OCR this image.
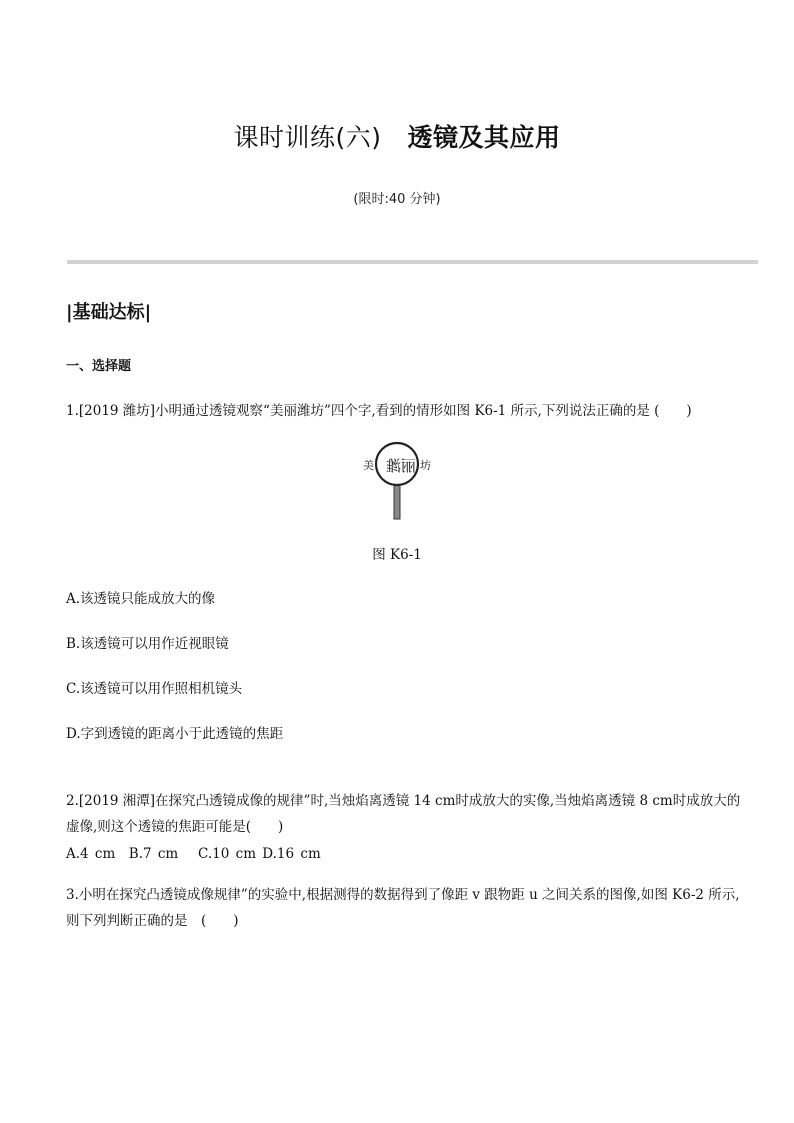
课时训练(六) 透镜及其应用
(限时:40 分钟)
|基础达标|
一、选择题
1.[2019 潍坊]小明通过透镜观察“美丽潍坊”四个字,看到的情形如图 K6-1 所示,下列说法正确的是 (　　)
美 丽潍 坊
图 K6-1
A.该透镜只能成放大的像
B.该透镜可以用作近视眼镜
C.该透镜可以用作照相机镜头
D.字到透镜的距离小于此透镜的焦距
2.[2019 湘潭]在探究凸透镜成像的规律”时,当烛焰离透镜 14 cm时成放大的实像,当烛焰离透镜 8 cm时成放大的虚像,则这个透镜的焦距可能是(　　)
A.4 cm　B.7 cm　 C.10 cm D.16 cm
3.小明在探究凸透镜成像规律”的实验中,根据测得的数据得到了像距 v 跟物距 u 之间关系的图像,如图 K6-2 所示,则下列判断正确的是　(　　)
